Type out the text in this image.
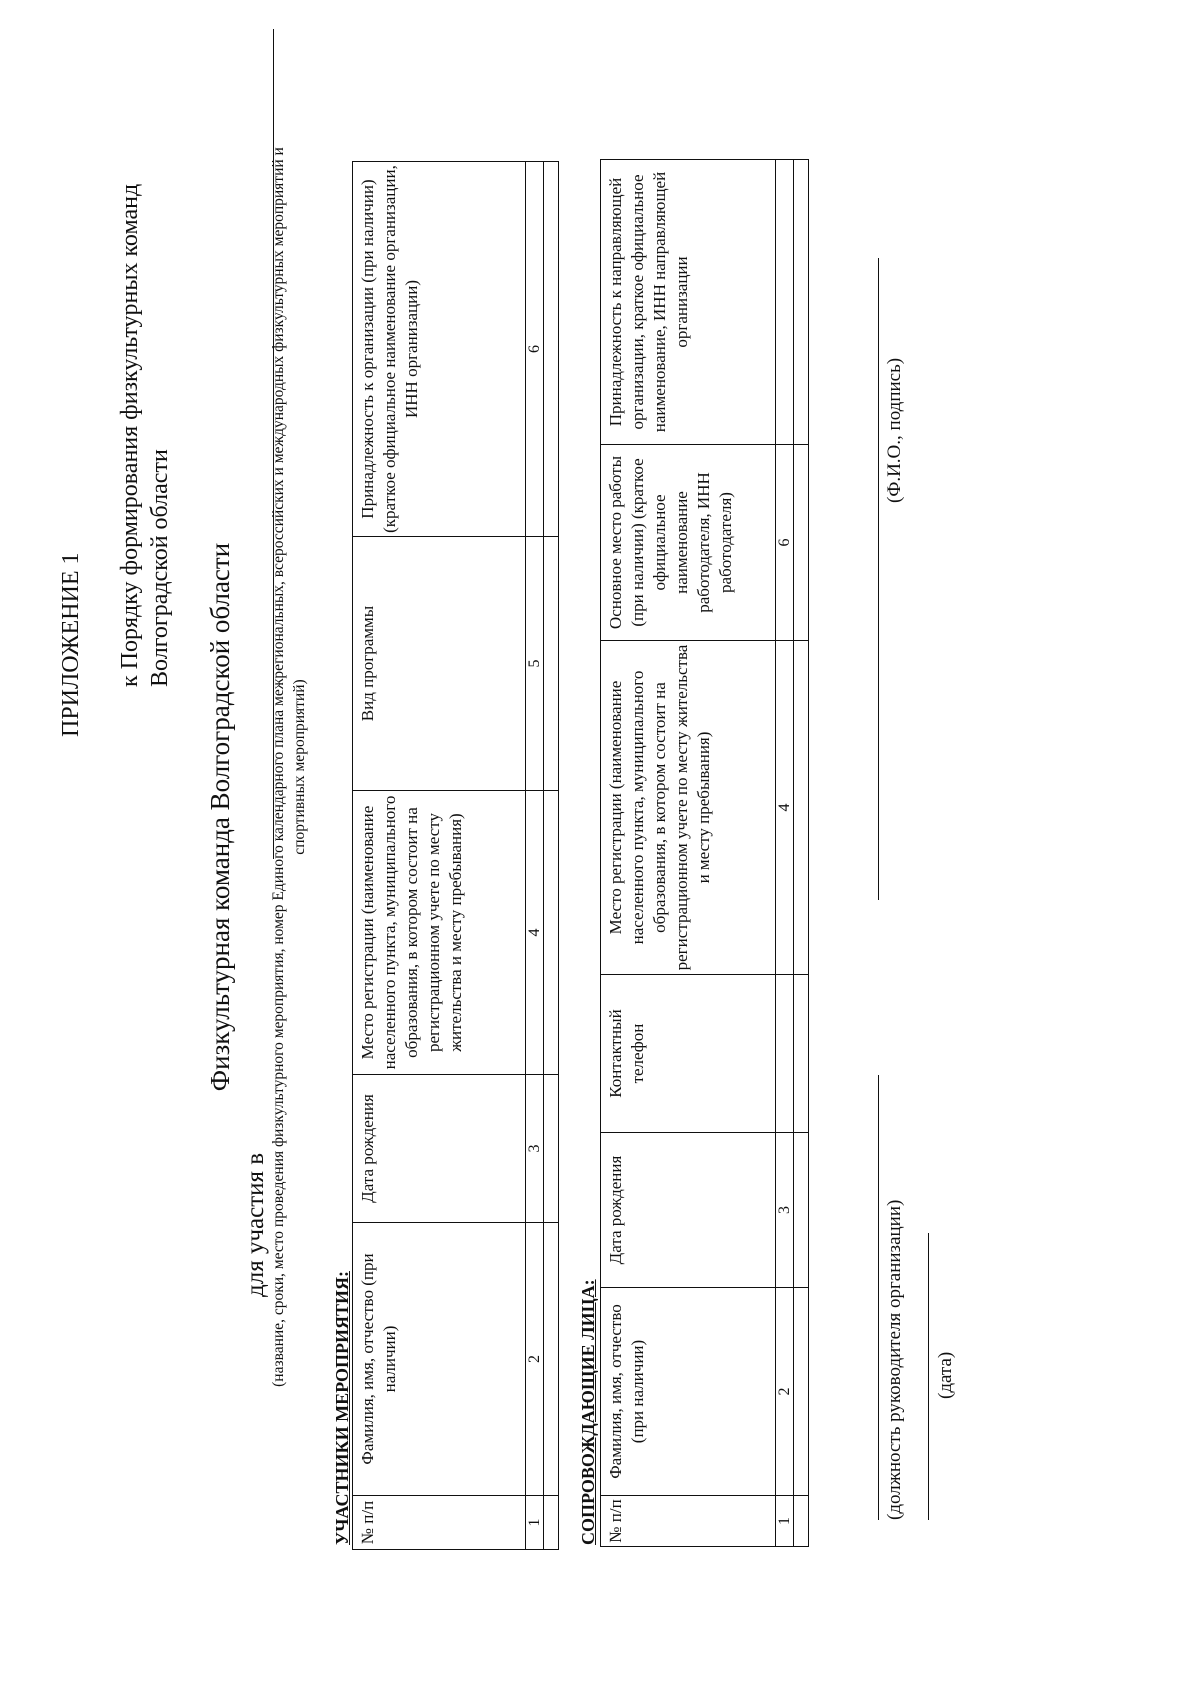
ПРИЛОЖЕНИЕ 1 к Порядку формирования физкультурных команд Волгоградской области Физкультурная команда Волгоградской области
для участия в (название, сроки, место проведения физкультурного мероприятия, номер Единого календарного плана межрегиональных, всероссийских и международных физкультурных мероприятий и спортивных мероприятий)
УЧАСТНИКИ МЕРОПРИЯТИЯ: № п/п	Фамилия, имя, отчество (при наличии)	Дата рождения	Место регистрации (наименование населенного пункта, муниципального образования, в котором состоит на регистрационном учете по месту жительства и месту пребывания)	Вид программы	Принадлежность к организации (при наличии) (краткое официальное наименование организации, ИНН организации)
1	2	3	4	5	6

СОПРОВОЖДАЮЩИЕ ЛИЦА: № п/п	Фамилия, имя, отчество (при наличии)	Дата рождения	Контактный телефон	Место регистрации (наименование населенного пункта, муниципального образования, в котором состоит на регистрационном учете по месту жительства и месту пребывания)	Основное место работы (при наличии) (краткое официальное наименование работодателя, ИНН работодателя)	Принадлежность к направляющей организации, краткое официальное наименование, ИНН направляющей организации
1	2	3		4	6	

(должность руководителя организации)
(Ф.И.О., подпись)
(дата)
